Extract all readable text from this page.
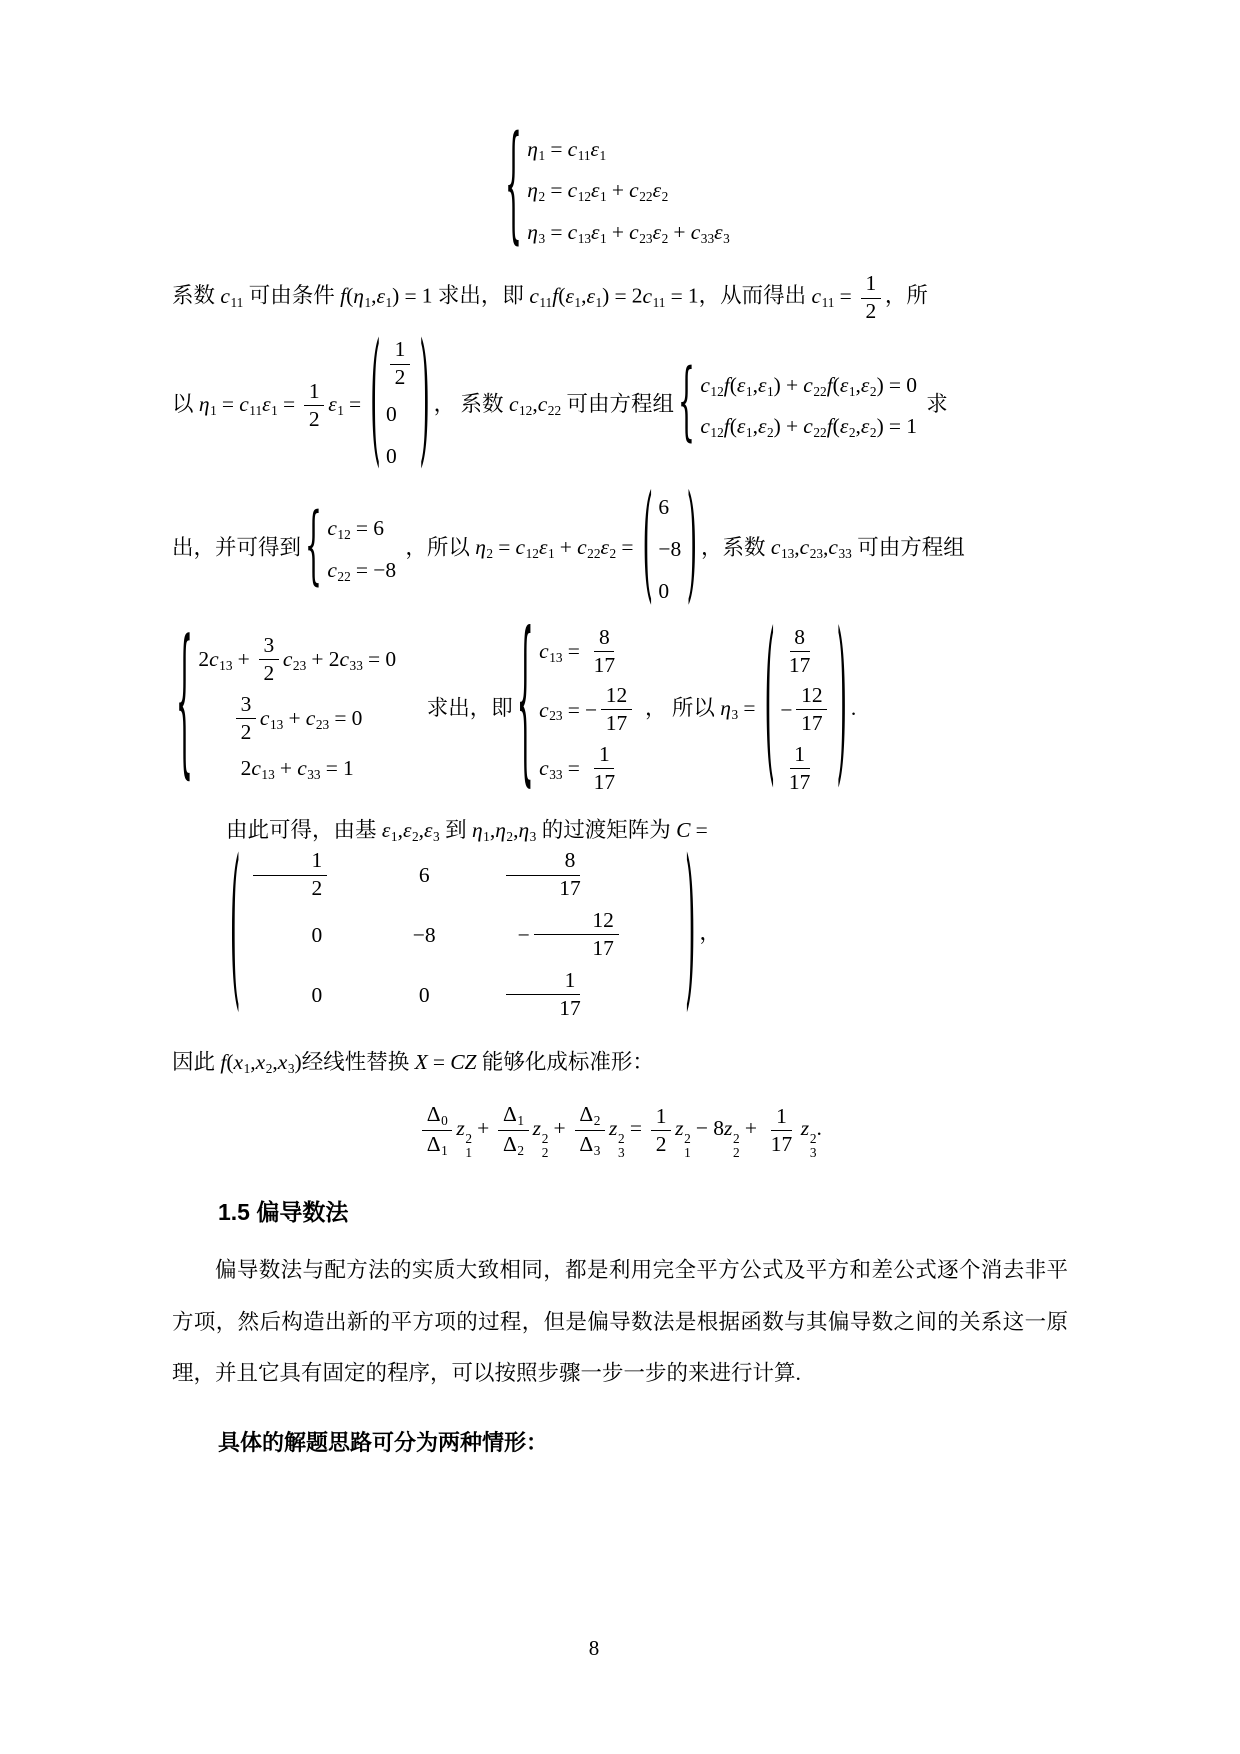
{ η1 = c11 ε1
η2 = c12 ε1 + c22 ε2
η3 = c13 ε1 + c23 ε2 + c33 ε3
系数 c11 可由条件 f(η1,ε1) = 1 求出，即 c11f(ε1,ε1) = 2c11 = 1，从而得出 $c11 = \frac{1}{2}$ ，所
以 $\eta 1 = c11\varepsilon 1 = \frac{1}{2} \varepsilon 1$ = ( $\frac{1}{2}$
0
0 ) ， 系数 c12,c22 可由方程组 { c12 f ( ε1 , ε1 ) + c22 f ( ε1 , ε2 ) = 0
c12 f ( ε1 , ε2 ) + c22 f ( ε2 , ε2 ) = 1
求
出，并可得到 { c12 = 6
c22 = −8
，所以 η2 = c12ε1 + c22ε2 = ( 6
−8
0 ) ，系数 c13,c23,c33 可由方程组
{ 2 $c13 + \frac{3}{2} c23 + 2$ c33 = 0
$\frac{3}{2} c13 + c23 = 0$
2 c13 + c33 = 1
　求出，即 { $c13 = \frac{8}{17}$
c23 = − $\frac{12}{17}$
$c33 = \frac{1}{17}$
， 所以 η3 = ( $\frac{8}{17}$
− $\frac{12}{17}$
$\frac{1}{17}$ ) .
由此可得，由基 ε1,ε2,ε3 到 η1,η2,η3 的过渡矩阵为 C =
( $\frac{1}{2}$	6	$\frac{8}{17}$
0	−8	− $\frac{12}{17}$
0	0	$\frac{1}{17}$	) ，
因此 f(x1,x2,x3)经线性替换 X = CZ 能够化成标准形：
$\frac{\Delta 0}{\Delta 1}$ z 2
1
+ $\frac{\Delta 1}{\Delta 2}$ z 2
2
+ $\frac{\Delta 2}{\Delta 3}$ z 2
3
= $\frac{1}{2}$ z 2
1
− 8z 2
2
+ $\frac{1}{17}$ z 2
3
.
1.5 偏导数法

偏导数法与配方法的实质大致相同，都是利用完全平方公式及平方和差公式逐个消去非平方项，然后构造出新的平方项的过程，但是偏导数法是根据函数与其偏导数之间的关系这一原理，并且它具有固定的程序，可以按照步骤一步一步的来进行计算.

具体的解题思路可分为两种情形：

8
